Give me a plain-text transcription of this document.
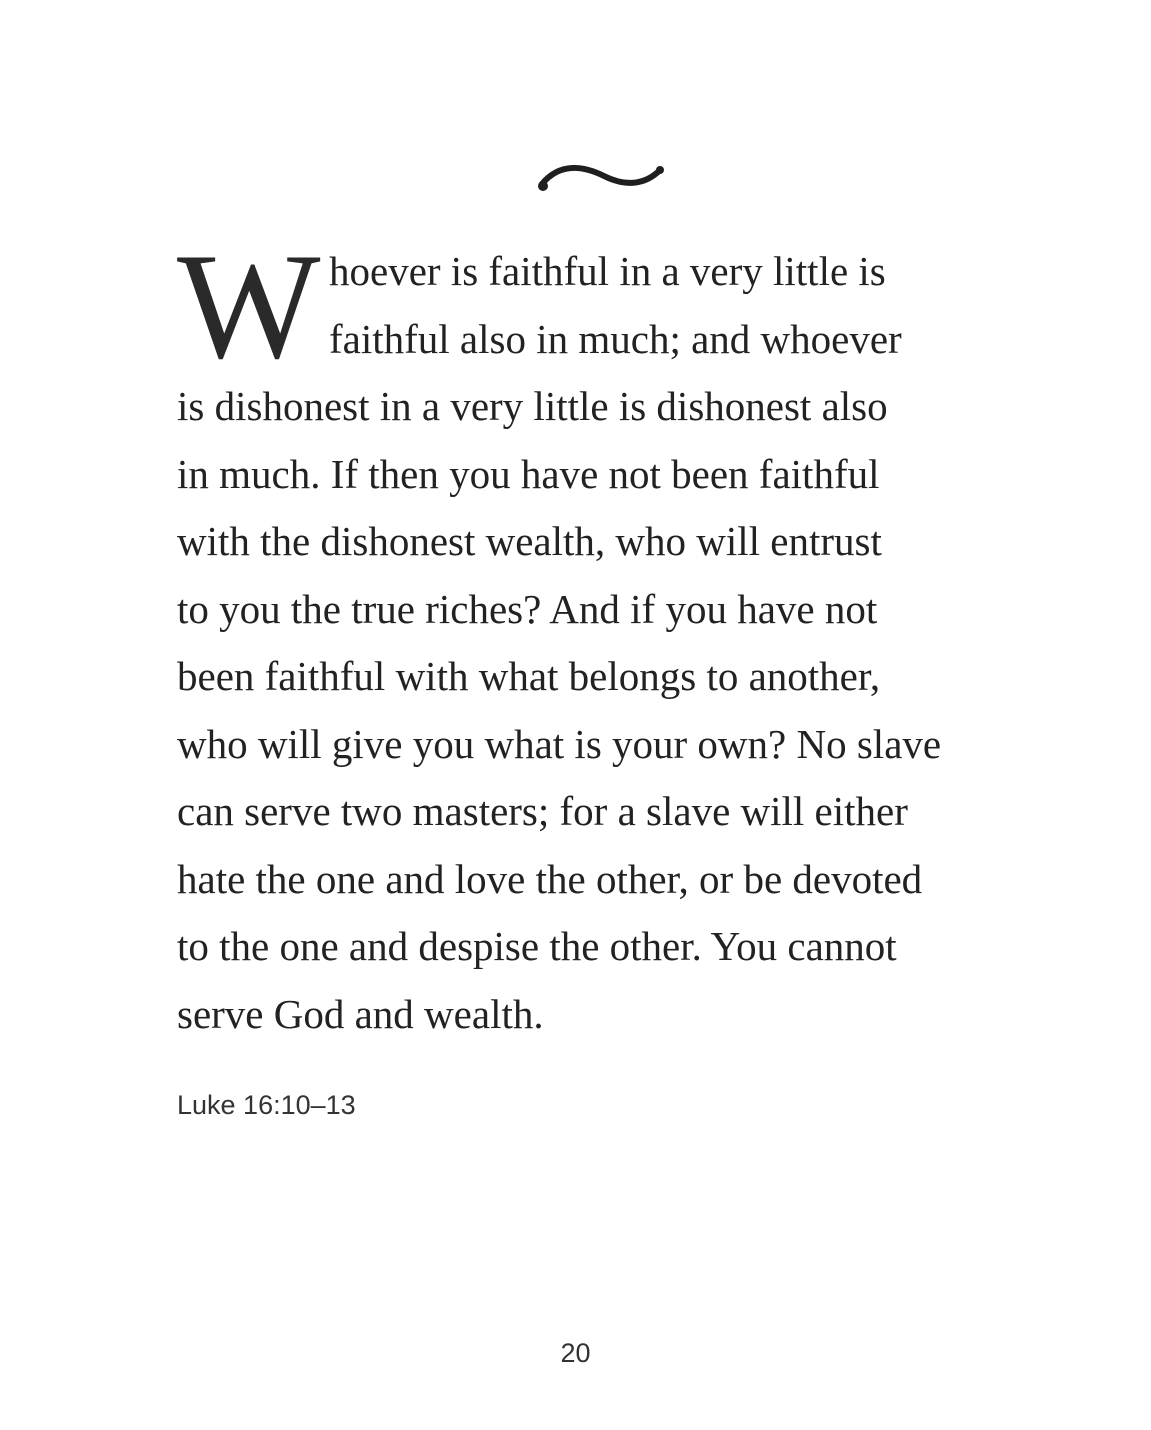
W hoever is faithful in a very little is
faithful also in much; and whoever
is dishonest in a very little is dishonest also
in much. If then you have not been faithful
with the dishonest wealth, who will entrust
to you the true riches? And if you have not
been faithful with what belongs to another,
who will give you what is your own? No slave
can serve two masters; for a slave will either
hate the one and love the other, or be devoted
to the one and despise the other. You cannot
serve God and wealth.

Luke 16:10–13
20
